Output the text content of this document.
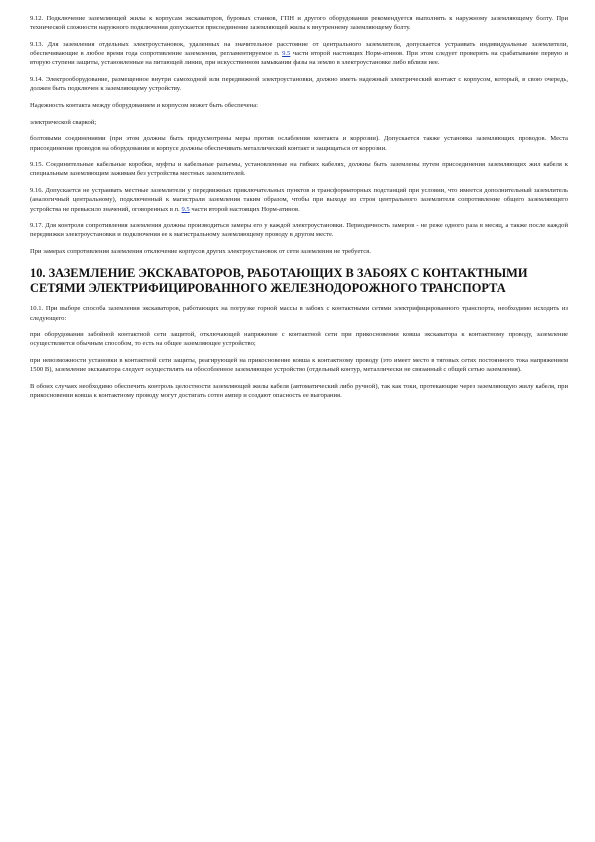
9.12. Подключение заземляющей жилы к корпусам экскаваторов, буровых станков, ГПН и другого оборудования рекомендуется выполнять к наружному заземляющему болту. При технической сложности наружного подключения допускается присоединение заземляющей жилы к внутреннему заземляющему болту.

9.13. Для заземления отдельных электроустановок, удаленных на значительное расстояние от центрального заземлителя, допускается устраивать индивидуальные заземлители, обеспечивающие в любое время года сопротивление заземления, регламентируемое п. 9.5 части второй настоящих Норм-атинов. При этом следует проверить на срабатывание первую и вторую ступени защиты, установленные на питающей линии, при искусственном замыкании фазы на землю в электроустановке либо вблизи нее.

9.14. Электрооборудование, размещенное внутри самоходной или передвижной электроустановки, должно иметь надежный электрический контакт с корпусом, который, в свою очередь, должен быть подключен к заземляющему устройству.

Надежность контакта между оборудованием и корпусом может быть обеспечена:

электрической сваркой;

болтовыми соединениями (при этом должны быть предусмотрены меры против ослабления контакта и коррозии). Допускается также установка заземляющих проводов. Места присоединения проводов на оборудовании и корпусе должны обеспечивать металлический контакт и защищаться от коррозии.

9.15. Соединительные кабельные коробки, муфты и кабельные разъемы, установленные на гибких кабелях, должны быть заземлены путем присоединения заземляющих жил кабеля к специальным заземляющим зажимам без устройства местных заземлителей.

9.16. Допускается не устраивать местные заземлители у передвижных приключательных пунктов и трансформаторных подстанций при условии, что имеется дополнительный заземлитель (аналогичный центральному), подключенный к магистрали заземления таким образом, чтобы при выходе из строя центрального заземлителя сопротивление общего заземляющего устройства не превысило значений, оговоренных в п. 9.5 части второй настоящих Норм-атинов.

9.17. Для контроля сопротивления заземления должны производиться замеры его у каждой электроустановки. Периодичность замеров - не реже одного раза в месяц, а также после каждой передвижки электроустановки и подключения ее к магистральному заземляющему проводу в другом месте.

При замерах сопротивления заземления отключение корпусов других электроустановок от сети заземления не требуется.

10. ЗАЗЕМЛЕНИЕ ЭКСКАВАТОРОВ, РАБОТАЮЩИХ В ЗАБОЯХ С КОНТАКТНЫМИ СЕТЯМИ ЭЛЕКТРИФИЦИРОВАННОГО ЖЕЛЕЗНОДОРОЖНОГО ТРАНСПОРТА

10.1. При выборе способа заземления экскаваторов, работающих на погрузке горной массы в забоях с контактными сетями электрифицированного транспорта, необходимо исходить из следующего:

при оборудовании забойной контактной сети защитой, отключающей напряжение с контактной сети при прикосновении ковша экскаватора к контактному проводу, заземление осуществляется обычным способом, то есть на общее заземляющее устройство;

при невозможности установки в контактной сети защиты, реагирующей на прикосновение ковша к контактному проводу (это имеет место в тяговых сетях постоянного тока напряжением 1500 В), заземление экскаватора следует осуществлять на обособленное заземляющее устройство (отдельный контур, металлически не связанный с общей сетью заземления).

В обоих случаях необходимо обеспечить контроль целостности заземляющей жилы кабеля (автоматический либо ручной), так как токи, протекающие через заземляющую жилу кабеля, при прикосновении ковша к контактному проводу могут достигать сотен ампер и создают опасность ее выгорания.
